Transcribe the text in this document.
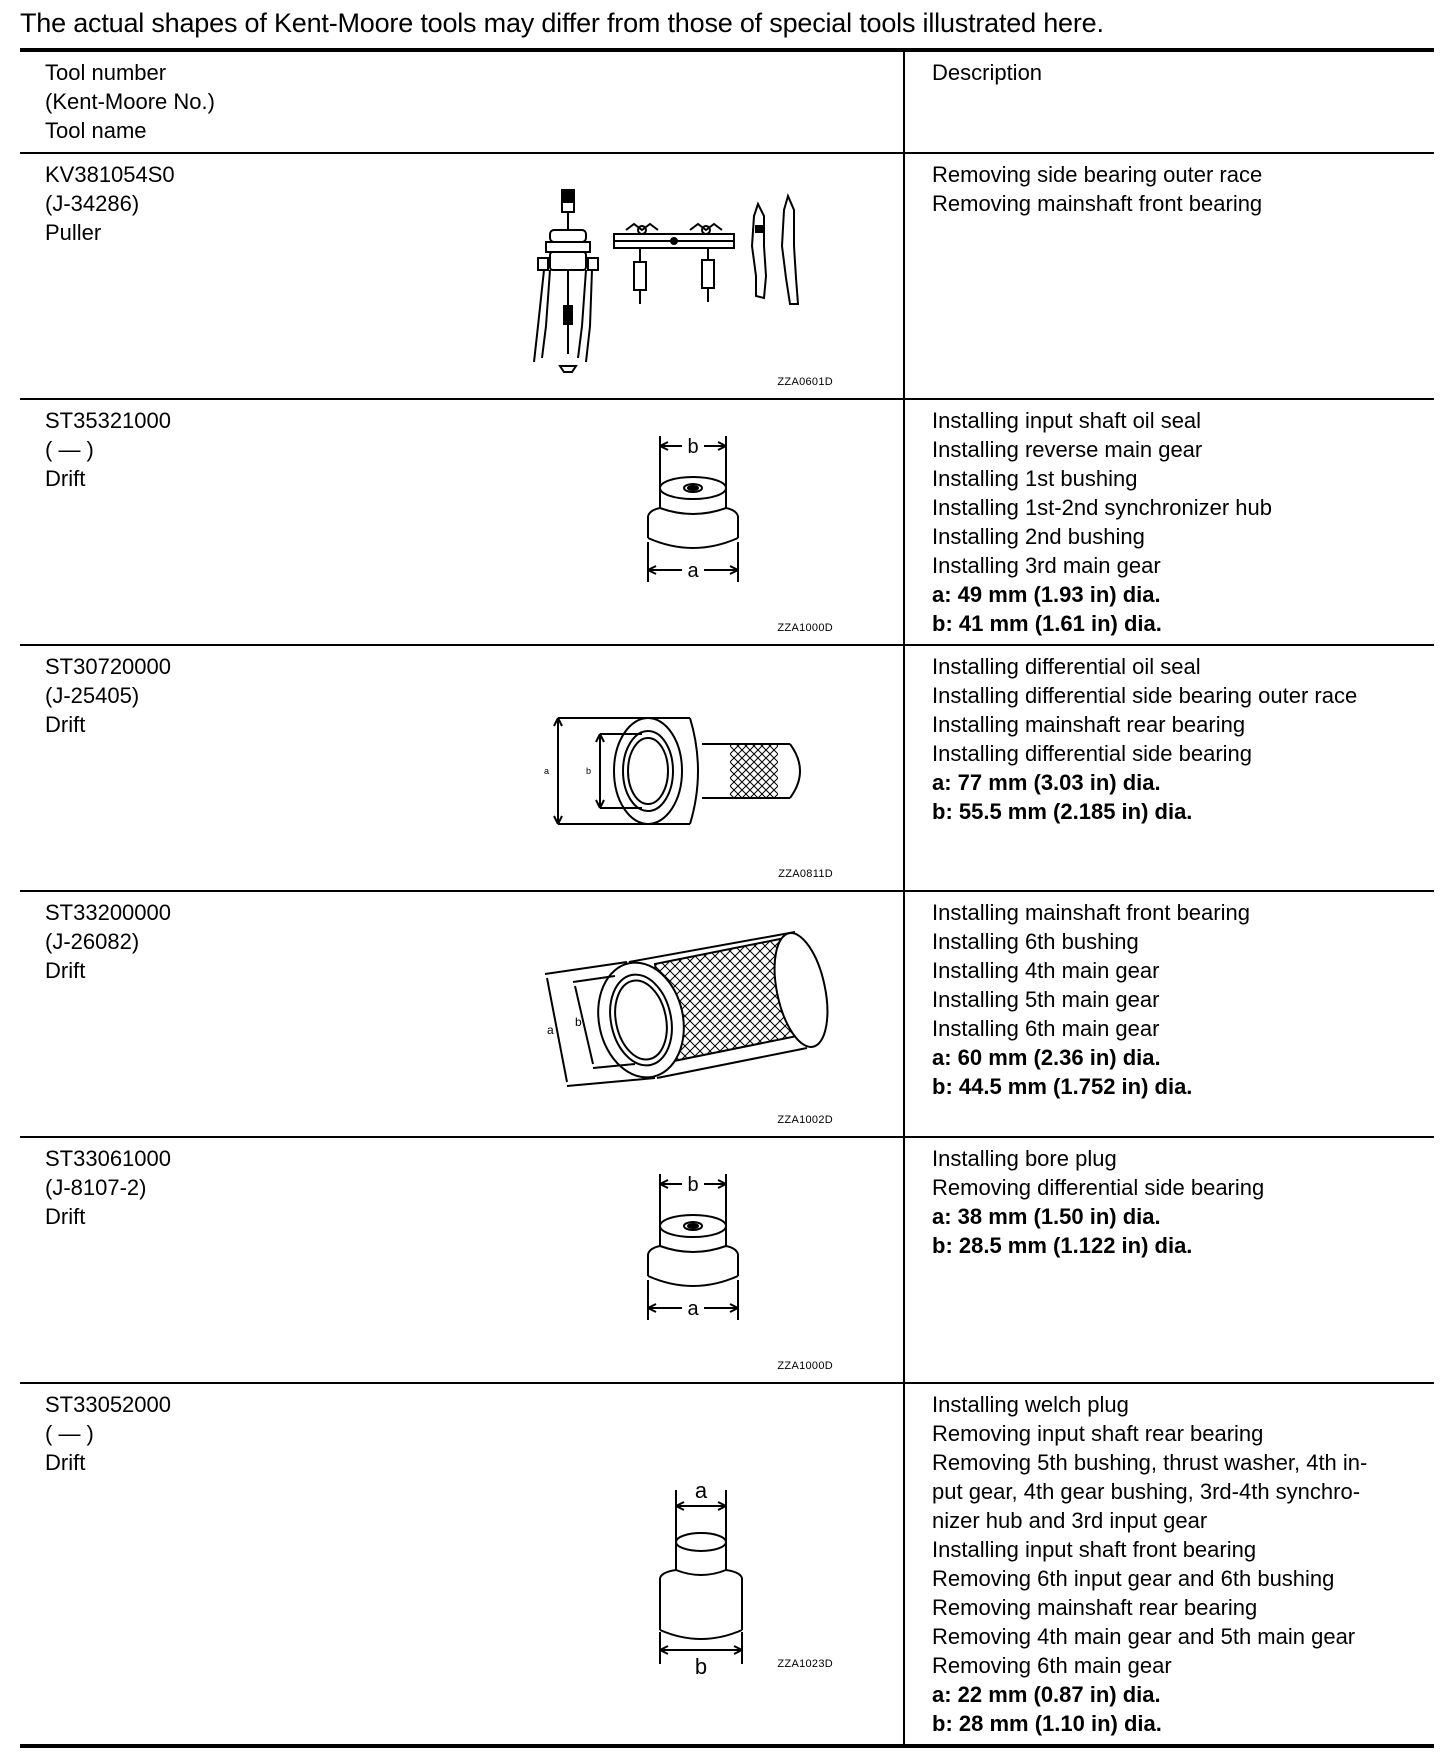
The actual shapes of Kent-Moore tools may differ from those of special tools illustrated here.
Tool number
(Kent-Moore No.)
Tool name
Description
KV381054S0
(J-34286)
Puller
ZZA0601D
Removing side bearing outer race
Removing mainshaft front bearing
ST35321000
( — )
Drift
b
a
ZZA1000D
Installing input shaft oil seal
Installing reverse main gear
Installing 1st bushing
Installing 1st-2nd synchronizer hub
Installing 2nd bushing
Installing 3rd main gear
a: 49 mm (1.93 in) dia.
b: 41 mm (1.61 in) dia.
ST30720000
(J-25405)
Drift
a	b
ZZA0811D
Installing differential oil seal
Installing differential side bearing outer race
Installing mainshaft rear bearing
Installing differential side bearing
a: 77 mm (3.03 in) dia.
b: 55.5 mm (2.185 in) dia.
ST33200000
(J-26082)
Drift
a
b
ZZA1002D
Installing mainshaft front bearing
Installing 6th bushing
Installing 4th main gear
Installing 5th main gear
Installing 6th main gear
a: 60 mm (2.36 in) dia.
b: 44.5 mm (1.752 in) dia.
ST33061000
(J-8107-2)
Drift
b
a
ZZA1000D
Installing bore plug
Removing differential side bearing
a: 38 mm (1.50 in) dia.
b: 28.5 mm (1.122 in) dia.
ST33052000
( — )
Drift
a
b	ZZA1023D
Installing welch plug
Removing input shaft rear bearing
Removing 5th bushing, thrust washer, 4th in-
put gear, 4th gear bushing, 3rd-4th synchro-
nizer hub and 3rd input gear
Installing input shaft front bearing
Removing 6th input gear and 6th bushing
Removing mainshaft rear bearing
Removing 4th main gear and 5th main gear
Removing 6th main gear
a: 22 mm (0.87 in) dia.
b: 28 mm (1.10 in) dia.
